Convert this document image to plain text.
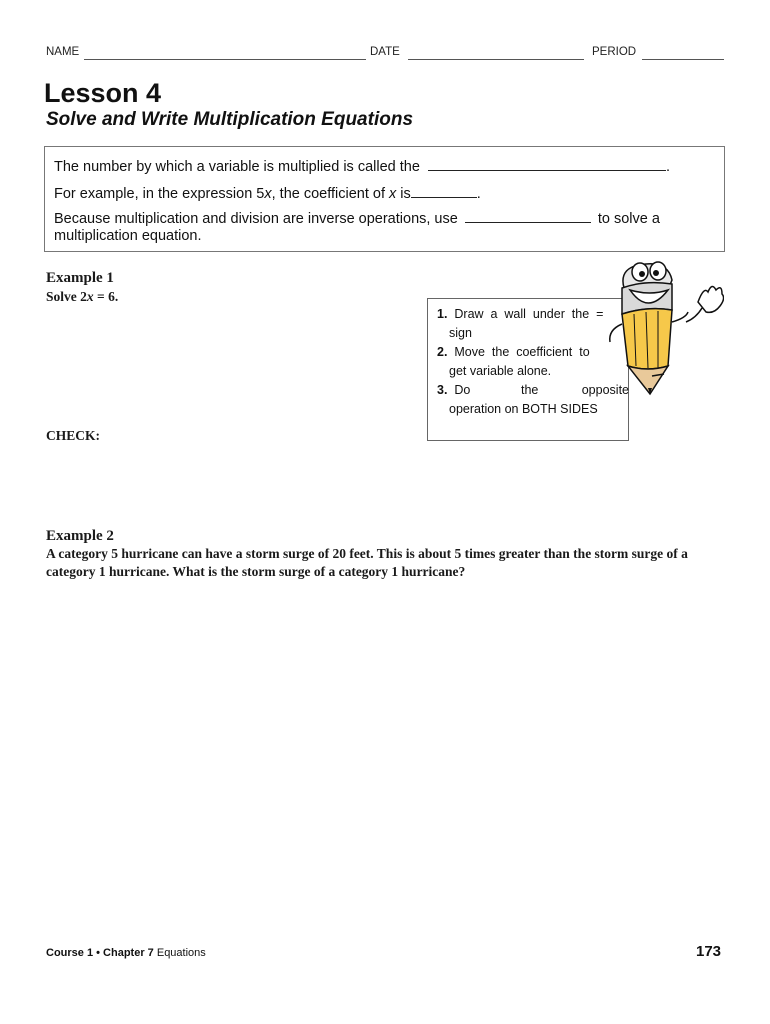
NAME	DATE	PERIOD
Lesson 4
Solve and Write Multiplication Equations
The number by which a variable is multiplied is called the	.
For example, in the expression 5x, the coefficient of x is	.
Because multiplication and division are inverse operations, use	to solve a
multiplication equation.
Example 1
Solve 2x = 6.
CHECK:
1. Draw  a  wall  under  the  =
sign
2. Move  the  coefficient  to
get variable alone.
3. Do	the	opposite
operation on BOTH SIDES
Example 2
A category 5 hurricane can have a storm surge of 20 feet. This is about 5 times greater than the storm surge of a
category 1 hurricane. What is the storm surge of a category 1 hurricane?
Course 1 • Chapter 7 Equations	173
